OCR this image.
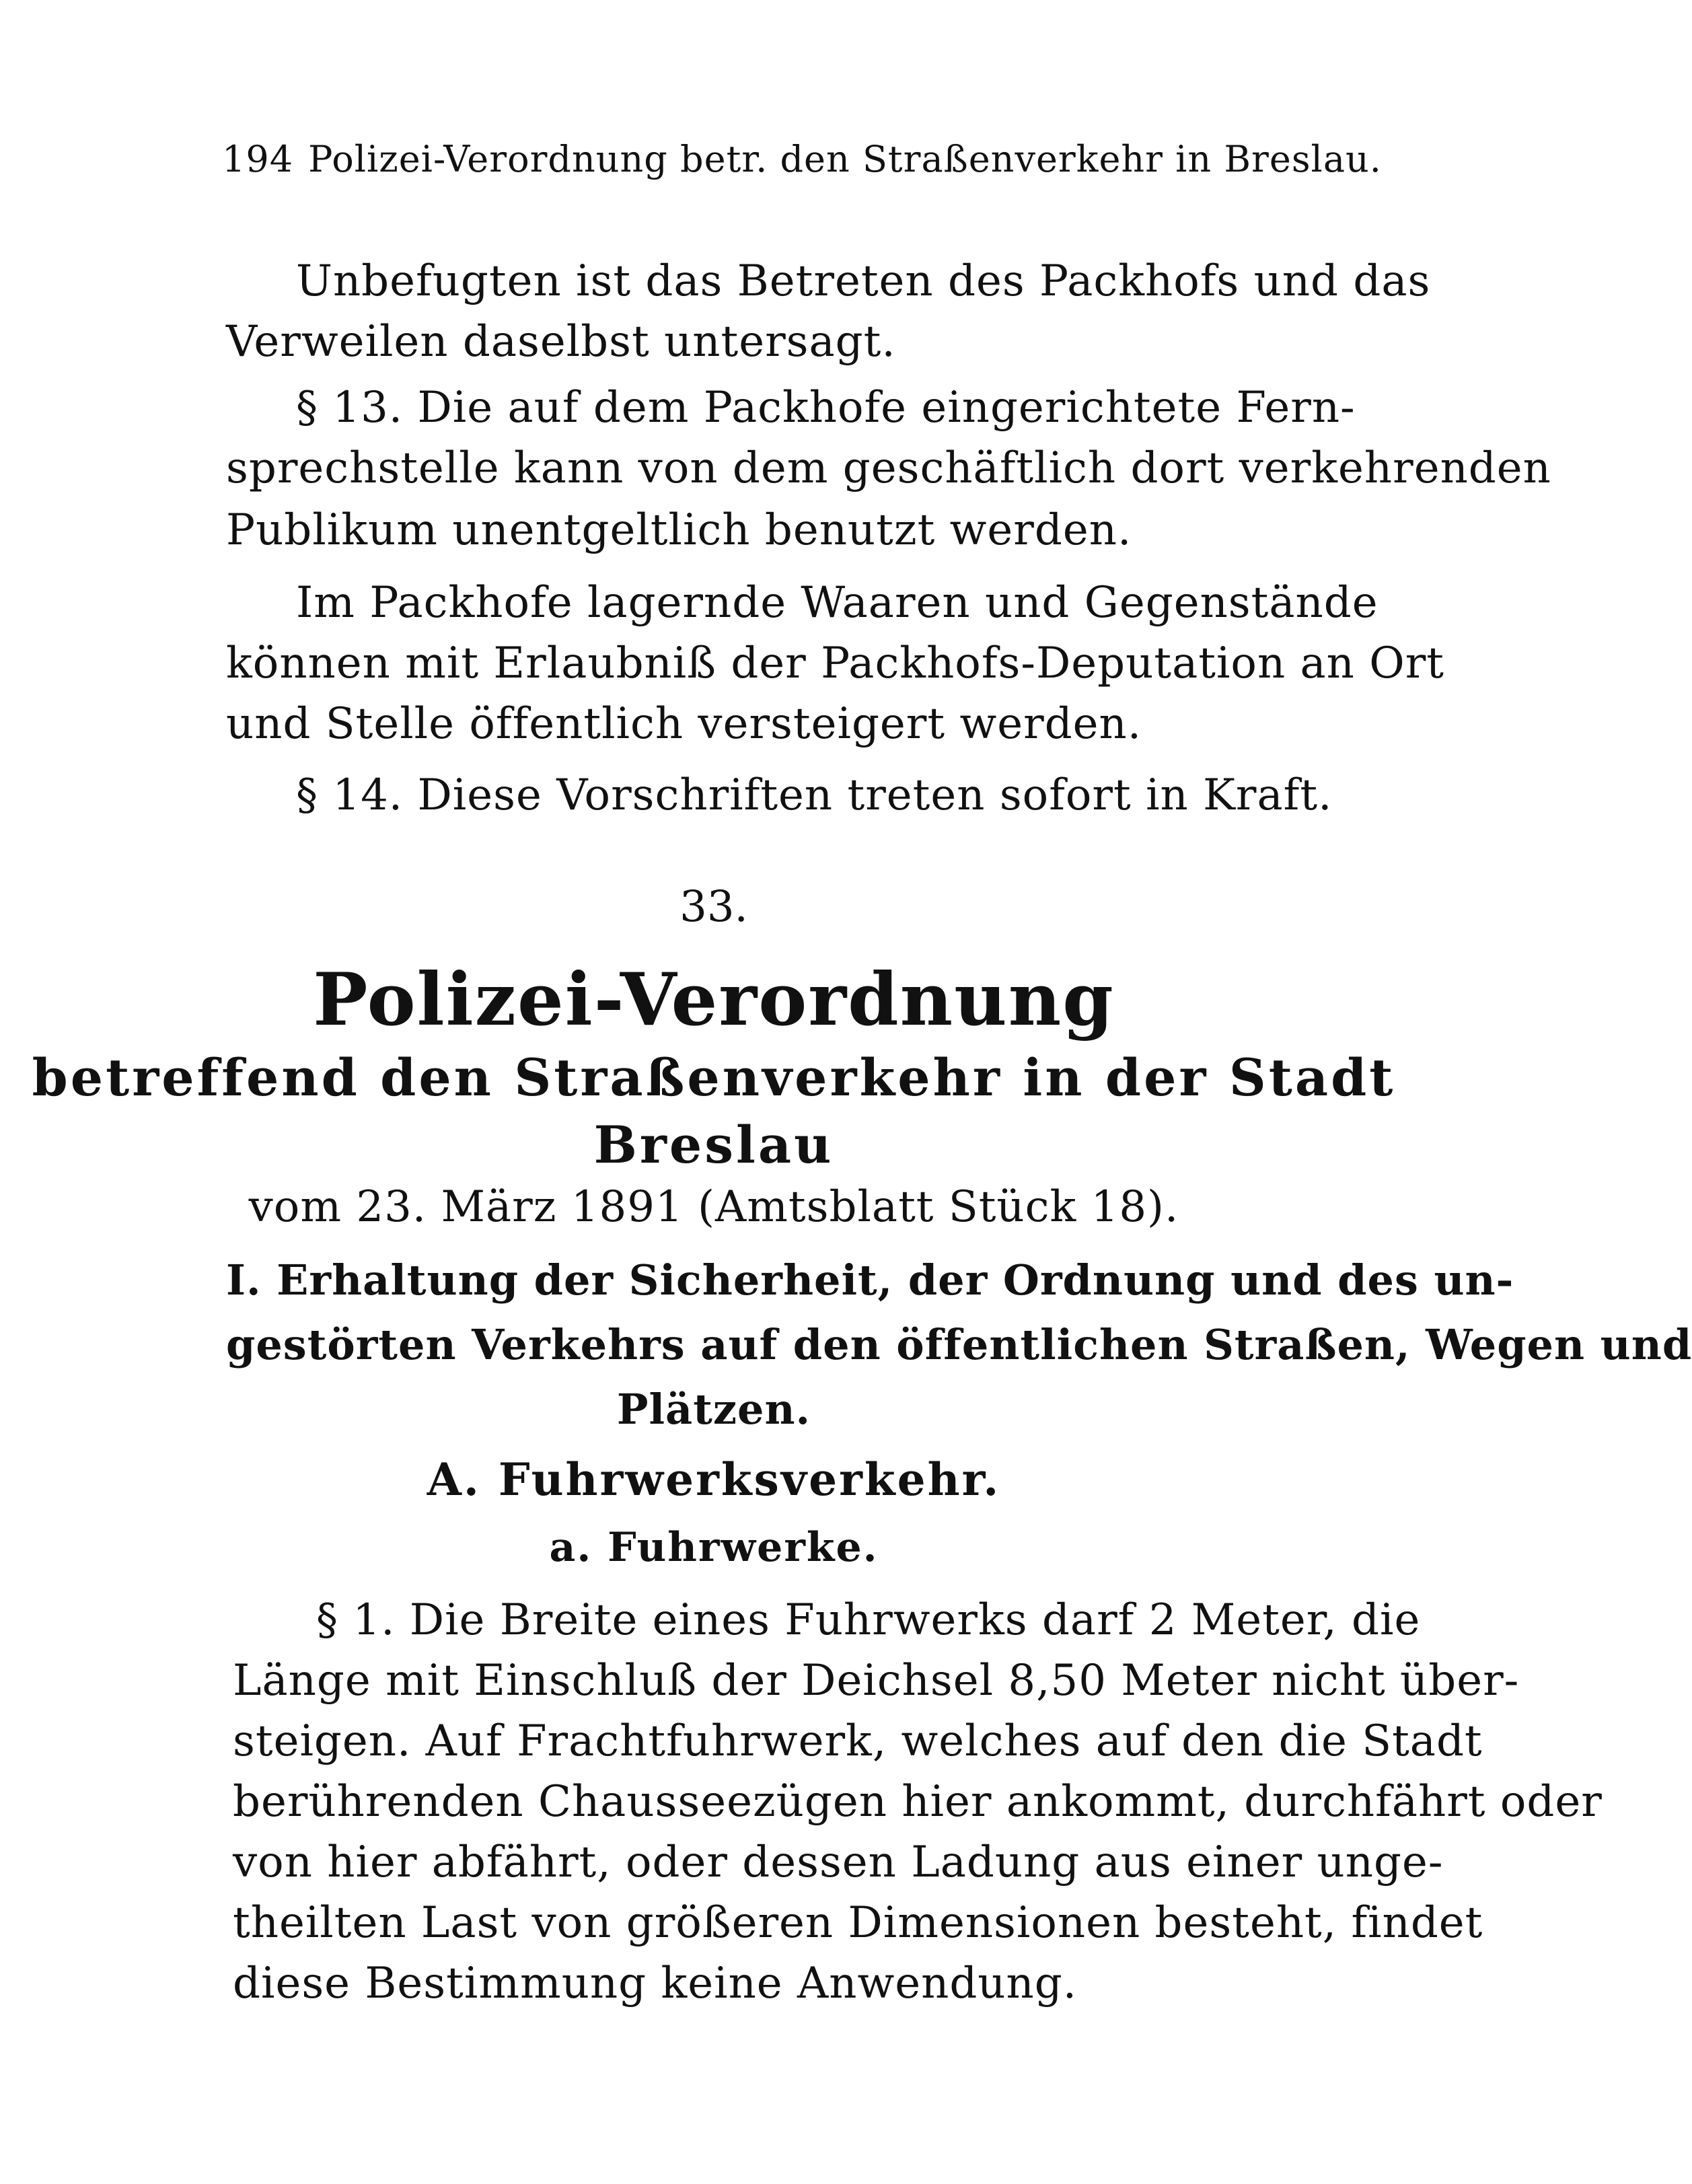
194 Polizei-Verordnung betr. den Straßenverkehr in Breslau.
Unbefugten ist das Betreten des Packhofs und das
Verweilen daselbst untersagt.
§ 13. Die auf dem Packhofe eingerichtete Fern-
sprechstelle kann von dem geschäftlich dort verkehrenden
Publikum unentgeltlich benutzt werden.
Im Packhofe lagernde Waaren und Gegenstände
können mit Erlaubniß der Packhofs-Deputation an Ort
und Stelle öffentlich versteigert werden.
§ 14. Diese Vorschriften treten sofort in Kraft.
33.
Polizei-Verordnung
betreffend den Straßenverkehr in der Stadt
Breslau
vom 23. März 1891 (Amtsblatt Stück 18).
I. Erhaltung der Sicherheit, der Ordnung und des un-
gestörten Verkehrs auf den öffentlichen Straßen, Wegen und
Plätzen.
A. Fuhrwerksverkehr.
a. Fuhrwerke.
§ 1. Die Breite eines Fuhrwerks darf 2 Meter, die
Länge mit Einschluß der Deichsel 8,50 Meter nicht über-
steigen. Auf Frachtfuhrwerk, welches auf den die Stadt
berührenden Chausseezügen hier ankommt, durchfährt oder
von hier abfährt, oder dessen Ladung aus einer unge-
theilten Last von größeren Dimensionen besteht, findet
diese Bestimmung keine Anwendung.
